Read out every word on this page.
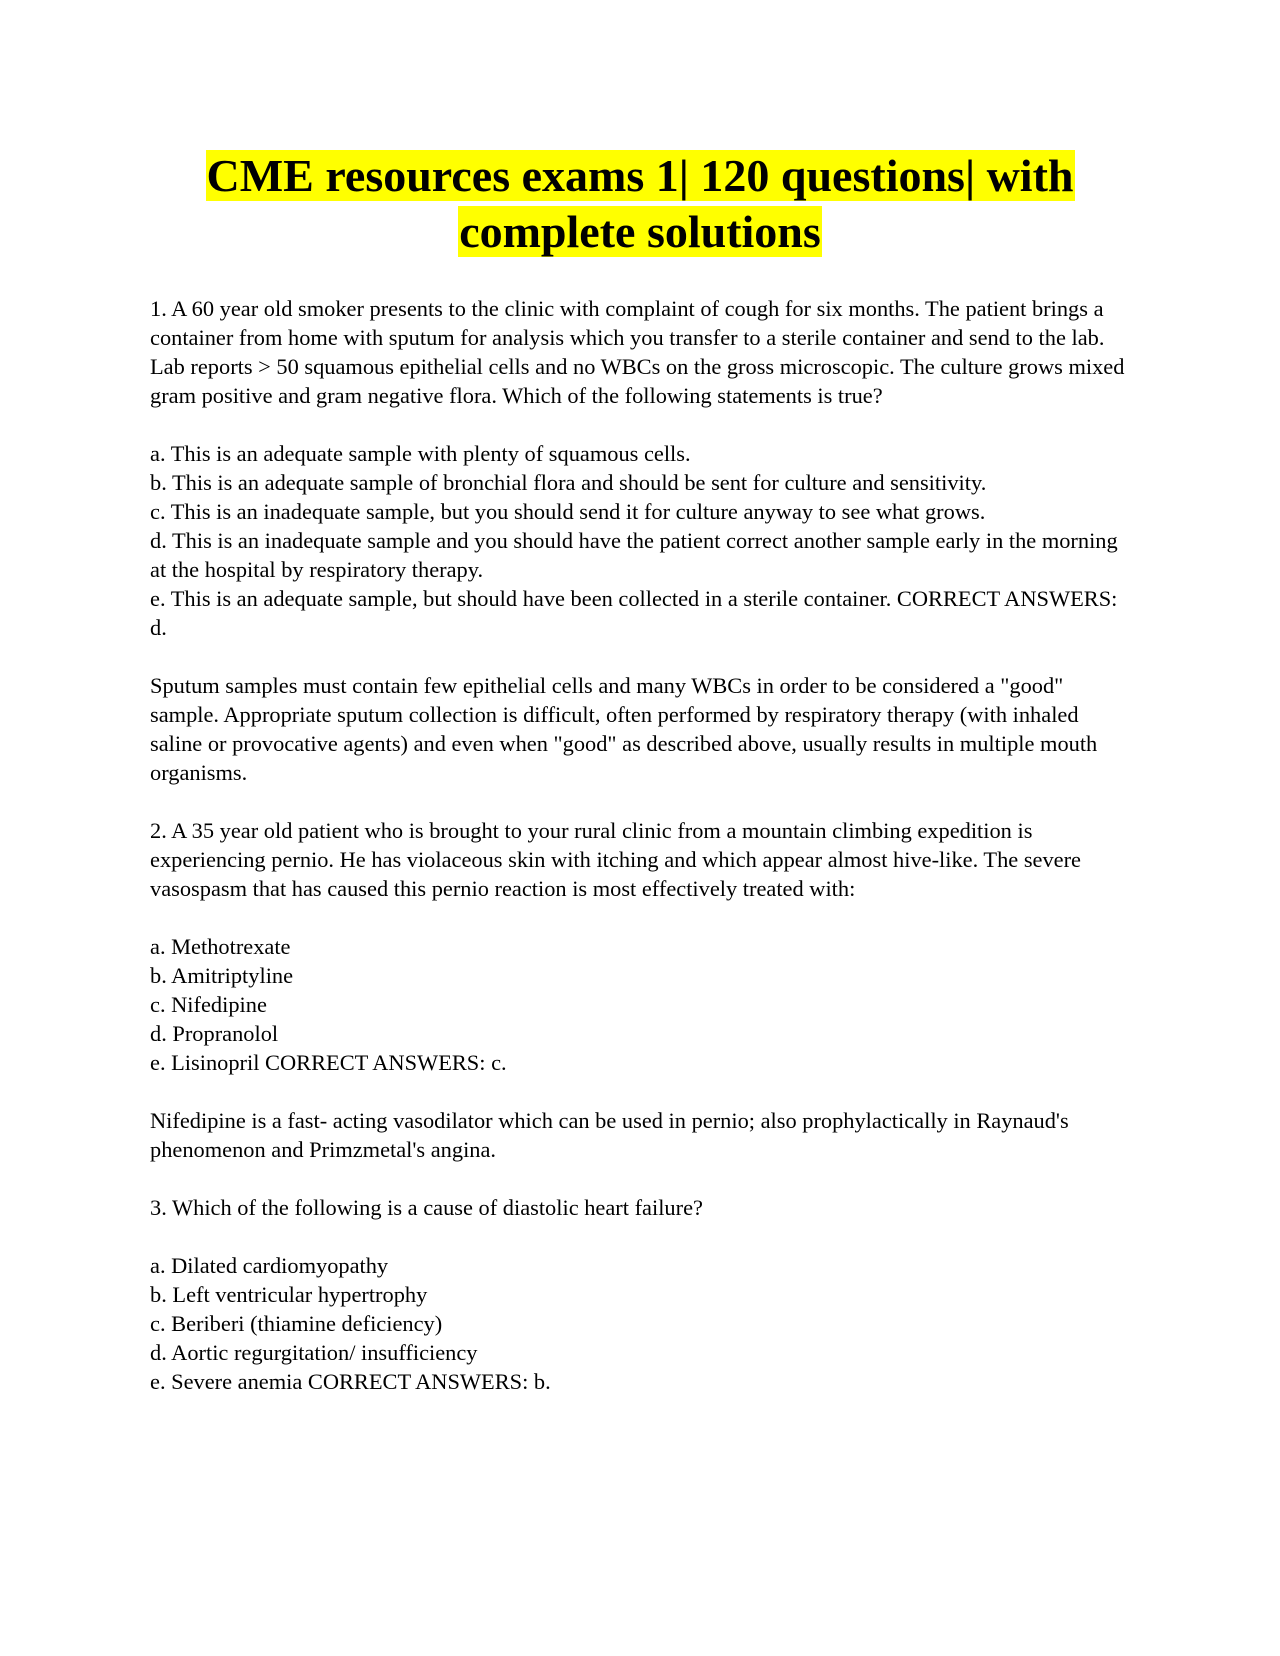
CME resources exams 1| 120 questions| with
complete solutions

1. A 60 year old smoker presents to the clinic with complaint of cough for six months. The patient brings a container from home with sputum for analysis which you transfer to a sterile container and send to the lab. Lab reports > 50 squamous epithelial cells and no WBCs on the gross microscopic. The culture grows mixed gram positive and gram negative flora. Which of the following statements is true?

a. This is an adequate sample with plenty of squamous cells.

b. This is an adequate sample of bronchial flora and should be sent for culture and sensitivity.

c. This is an inadequate sample, but you should send it for culture anyway to see what grows.

d. This is an inadequate sample and you should have the patient correct another sample early in the morning at the hospital by respiratory therapy.

e. This is an adequate sample, but should have been collected in a sterile container. CORRECT ANSWERS: d.

Sputum samples must contain few epithelial cells and many WBCs in order to be considered a "good" sample. Appropriate sputum collection is difficult, often performed by respiratory therapy (with inhaled saline or provocative agents) and even when "good" as described above, usually results in multiple mouth organisms.

2. A 35 year old patient who is brought to your rural clinic from a mountain climbing expedition is experiencing pernio. He has violaceous skin with itching and which appear almost hive-like. The severe vasospasm that has caused this pernio reaction is most effectively treated with:

a. Methotrexate

b. Amitriptyline

c. Nifedipine

d. Propranolol

e. Lisinopril CORRECT ANSWERS: c.

Nifedipine is a fast- acting vasodilator which can be used in pernio; also prophylactically in Raynaud's phenomenon and Primzmetal's angina.

3. Which of the following is a cause of diastolic heart failure?

a. Dilated cardiomyopathy

b. Left ventricular hypertrophy

c. Beriberi (thiamine deficiency)

d. Aortic regurgitation/ insufficiency

e. Severe anemia CORRECT ANSWERS: b.
